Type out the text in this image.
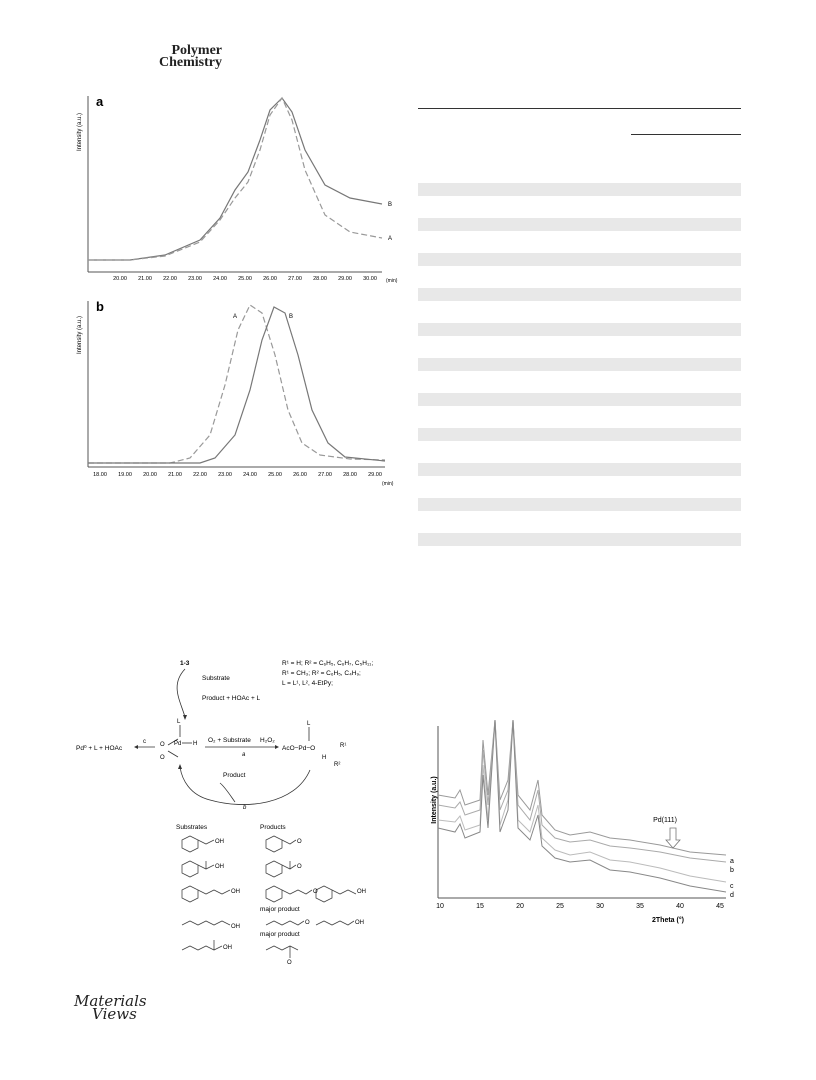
Polymer
Chemistry
Intensity (a.u.)
a
B
A
20.00 21.00 22.00 23.00 24.00 25.00 26.00 27.00 28.00 29.00 30.00 (min)
Intensity (a.u.)
b
A	B
18.00 19.00 20.00 21.00 22.00 23.00 24.00 25.00 26.00 27.00 28.00 29.00
(min)
1-3
Substrate
Product + HOAc + L
R¹ = H; R² = C₆H₅, C₆H₇, C₅H₁₁;
R¹ = CH₃; R² = C₆H₅, C₄H₉;
L = L¹, L², 4-EtPy;
Pd⁰ + L + HOAc
c
L
O
O
Pd H O₂ + Substrate H₂O₂
a
AcO−Pd−O
L
R¹
H
R²
Product
b
Substrates	Products
OH	O
OH	O
OH	O	OH
OH
O	OH
OH
O
major product
major product
Intensity (a.u.)	Pd(111)
a
b
c
d
10	15	20	25	30	35	40	45
2Theta (°)
Materials
Views
